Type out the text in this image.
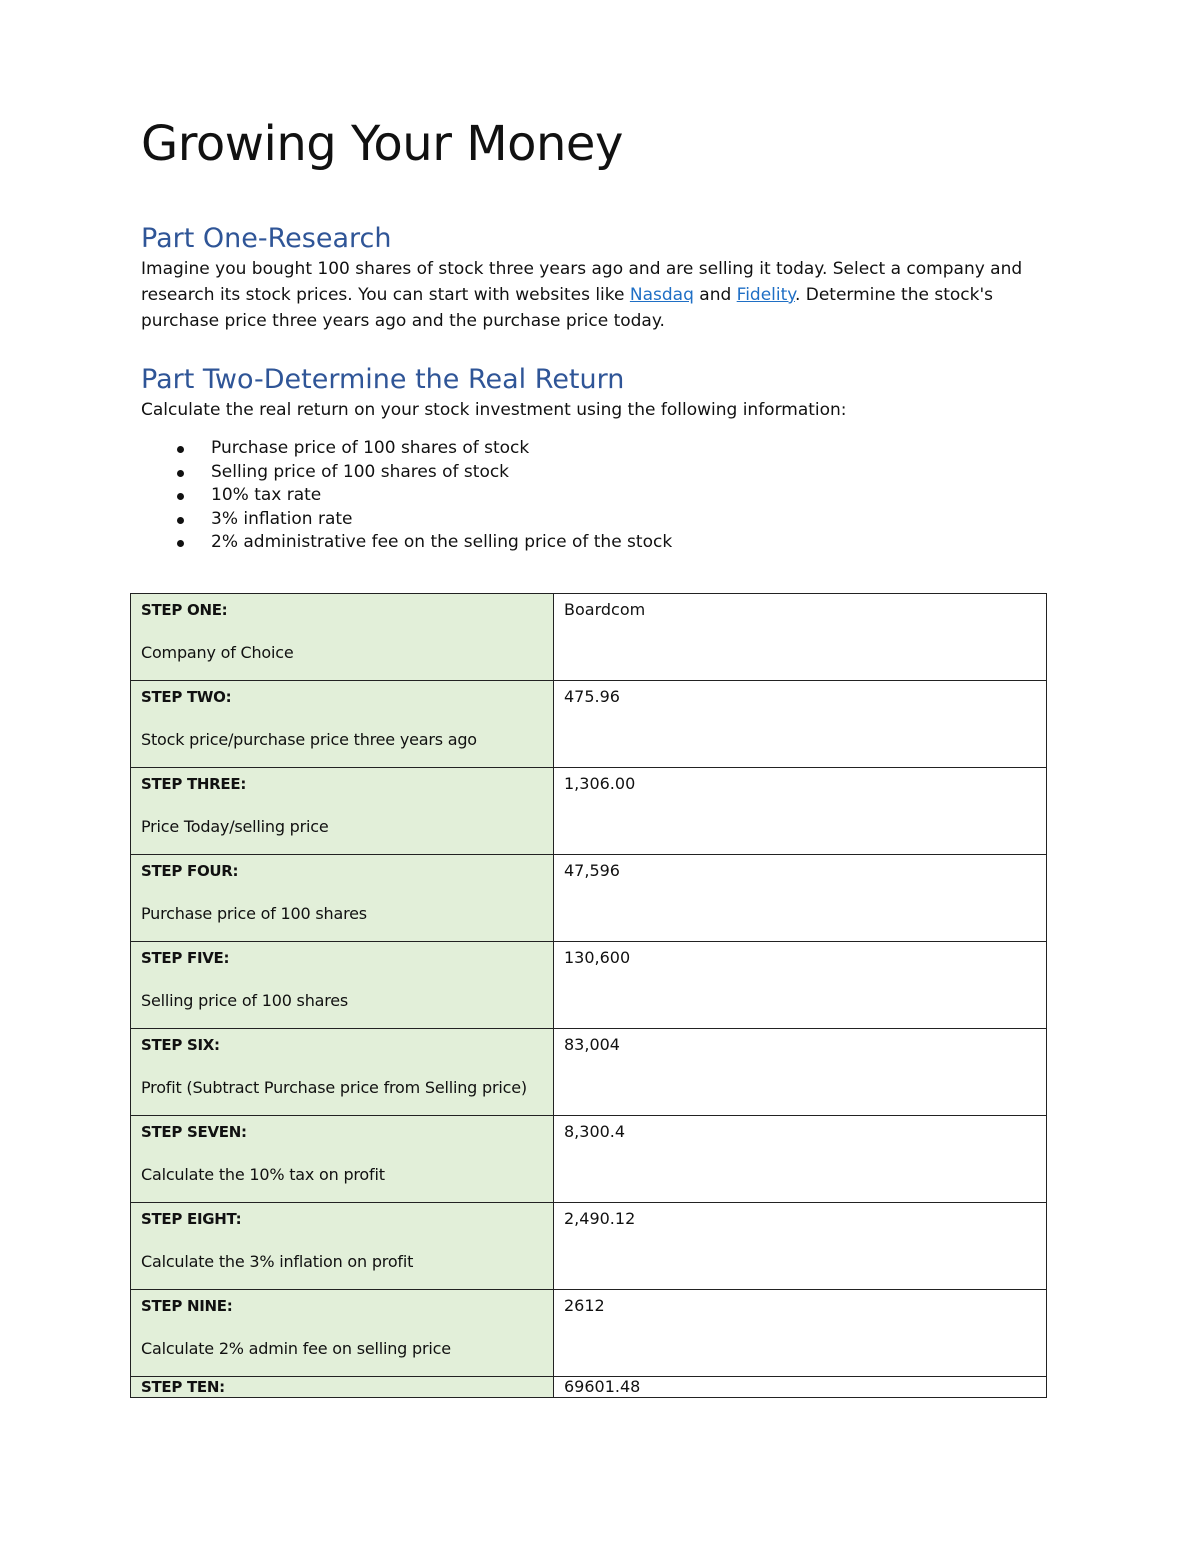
Growing Your Money
Part One-Research

Imagine you bought 100 shares of stock three years ago and are selling it today. Select a company and research its stock prices. You can start with websites like Nasdaq and Fidelity. Determine the stock's purchase price three years ago and the purchase price today.

Part Two-Determine the Real Return

Calculate the real return on your stock investment using the following information:

Purchase price of 100 shares of stock
Selling price of 100 shares of stock
10% tax rate
3% inflation rate
2% administrative fee on the selling price of the stock
STEP ONE:
Company of Choice	Boardcom

STEP TWO:
Stock price/purchase price three years ago	475.96

STEP THREE:
Price Today/selling price	1,306.00

STEP FOUR:
Purchase price of 100 shares	47,596

STEP FIVE:
Selling price of 100 shares	130,600

STEP SIX:
Profit (Subtract Purchase price from Selling price)	83,004

STEP SEVEN:
Calculate the 10% tax on profit	8,300.4

STEP EIGHT:
Calculate the 3% inflation on profit	2,490.12

STEP NINE:
Calculate 2% admin fee on selling price	2612

STEP TEN:	69601.48
